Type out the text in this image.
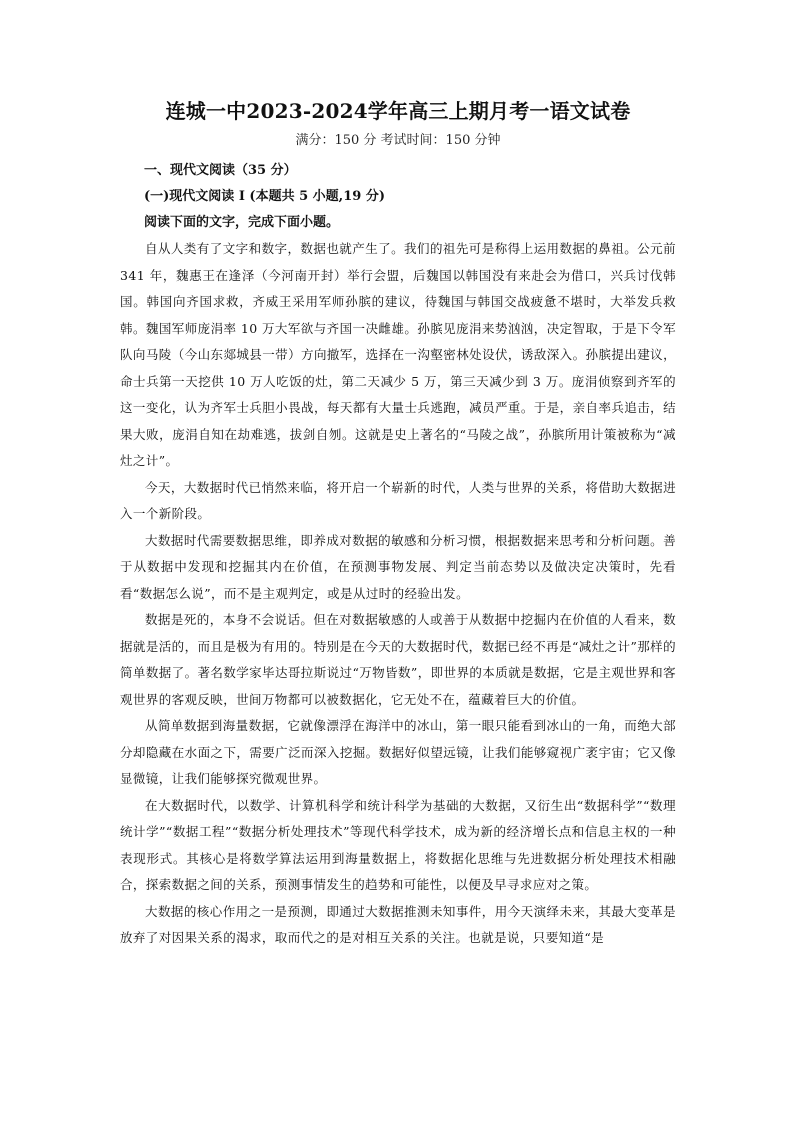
连城一中2023-2024学年高三上期月考一语文试卷
满分：150 分 考试时间：150 分钟
一、现代文阅读（35 分）
(一)现代文阅读 I (本题共 5 小题,19 分)
阅读下面的文字，完成下面小题。

自从人类有了文字和数字，数据也就产生了。我们的祖先可是称得上运用数据的鼻祖。公元前 341 年，魏惠王在逢泽（今河南开封）举行会盟，后魏国以韩国没有来赴会为借口，兴兵讨伐韩国。韩国向齐国求救，齐威王采用军师孙膑的建议，待魏国与韩国交战疲惫不堪时，大举发兵救韩。魏国军师庞涓率 10 万大军欲与齐国一决雌雄。孙膑见庞涓来势汹汹，决定智取，于是下令军队向马陵（今山东郯城县一带）方向撤军，选择在一沟壑密林处设伏，诱敌深入。孙膑提出建议，命士兵第一天挖供 10 万人吃饭的灶，第二天减少 5 万，第三天减少到 3 万。庞涓侦察到齐军的这一变化，认为齐军士兵胆小畏战，每天都有大量士兵逃跑，减员严重。于是，亲自率兵追击，结果大败，庞涓自知在劫难逃，拔剑自刎。这就是史上著名的“马陵之战”，孙膑所用计策被称为“减灶之计”。

今天，大数据时代已悄然来临，将开启一个崭新的时代，人类与世界的关系，将借助大数据进入一个新阶段。

大数据时代需要数据思维，即养成对数据的敏感和分析习惯，根据数据来思考和分析问题。善于从数据中发现和挖掘其内在价值，在预测事物发展、判定当前态势以及做决定决策时，先看看“数据怎么说”，而不是主观判定，或是从过时的经验出发。

数据是死的，本身不会说话。但在对数据敏感的人或善于从数据中挖掘内在价值的人看来，数据就是活的，而且是极为有用的。特别是在今天的大数据时代，数据已经不再是“减灶之计”那样的简单数据了。著名数学家毕达哥拉斯说过“万物皆数”，即世界的本质就是数据，它是主观世界和客观世界的客观反映，世间万物都可以被数据化，它无处不在，蕴藏着巨大的价值。

从简单数据到海量数据，它就像漂浮在海洋中的冰山，第一眼只能看到冰山的一角，而绝大部分却隐藏在水面之下，需要广泛而深入挖掘。数据好似望远镜，让我们能够窥视广袤宇宙；它又像显微镜，让我们能够探究微观世界。

在大数据时代，以数学、计算机科学和统计科学为基础的大数据，又衍生出“数据科学”“数理统计学”“数据工程”“数据分析处理技术”等现代科学技术，成为新的经济增长点和信息主权的一种表现形式。其核心是将数学算法运用到海量数据上，将数据化思维与先进数据分析处理技术相融合，探索数据之间的关系，预测事情发生的趋势和可能性，以便及早寻求应对之策。

大数据的核心作用之一是预测，即通过大数据推测未知事件，用今天演绎未来，其最大变革是放弃了对因果关系的渴求，取而代之的是对相互关系的关注。也就是说，只要知道“是
